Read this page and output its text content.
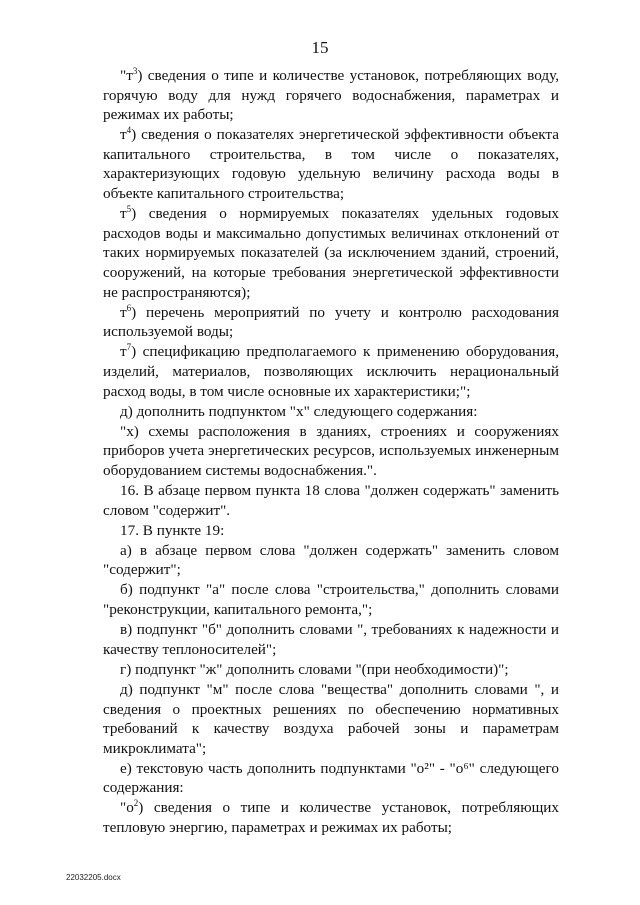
15

"$т^3$) сведения о типе и количестве установок, потребляющих воду, горячую воду для нужд горячего водоснабжения, параметрах и режимах их работы;

$т^4$) сведения о показателях энергетической эффективности объекта капитального строительства, в том числе о показателях, характеризующих годовую удельную величину расхода воды в объекте капитального строительства;

$т^5$) сведения о нормируемых показателях удельных годовых расходов воды и максимально допустимых величинах отклонений от таких нормируемых показателей (за исключением зданий, строений, сооружений, на которые требования энергетической эффективности не распространяются);

$т^6$) перечень мероприятий по учету и контролю расходования используемой воды;

$т^7$) спецификацию предполагаемого к применению оборудования, изделий, материалов, позволяющих исключить нерациональный расход воды, в том числе основные их характеристики;";

д) дополнить подпунктом "х" следующего содержания:

"х) схемы расположения в зданиях, строениях и сооружениях приборов учета энергетических ресурсов, используемых инженерным оборудованием системы водоснабжения.".

16. В абзаце первом пункта 18 слова "должен содержать" заменить словом "содержит".

17. В пункте 19:

а) в абзаце первом слова "должен содержать" заменить словом "содержит";

б) подпункт "а" после слова "строительства," дополнить словами "реконструкции, капитального ремонта,";

в) подпункт "б" дополнить словами ", требованиях к надежности и качеству теплоносителей";

г) подпункт "ж" дополнить словами "(при необходимости)";

д) подпункт "м" после слова "вещества" дополнить словами ", и сведения о проектных решениях по обеспечению нормативных требований к качеству воздуха рабочей зоны и параметрам микроклимата";

е) текстовую часть дополнить подпунктами "о²" - "о⁶" следующего содержания:

"$о^2$) сведения о типе и количестве установок, потребляющих тепловую энергию, параметрах и режимах их работы;

22032205.docx
